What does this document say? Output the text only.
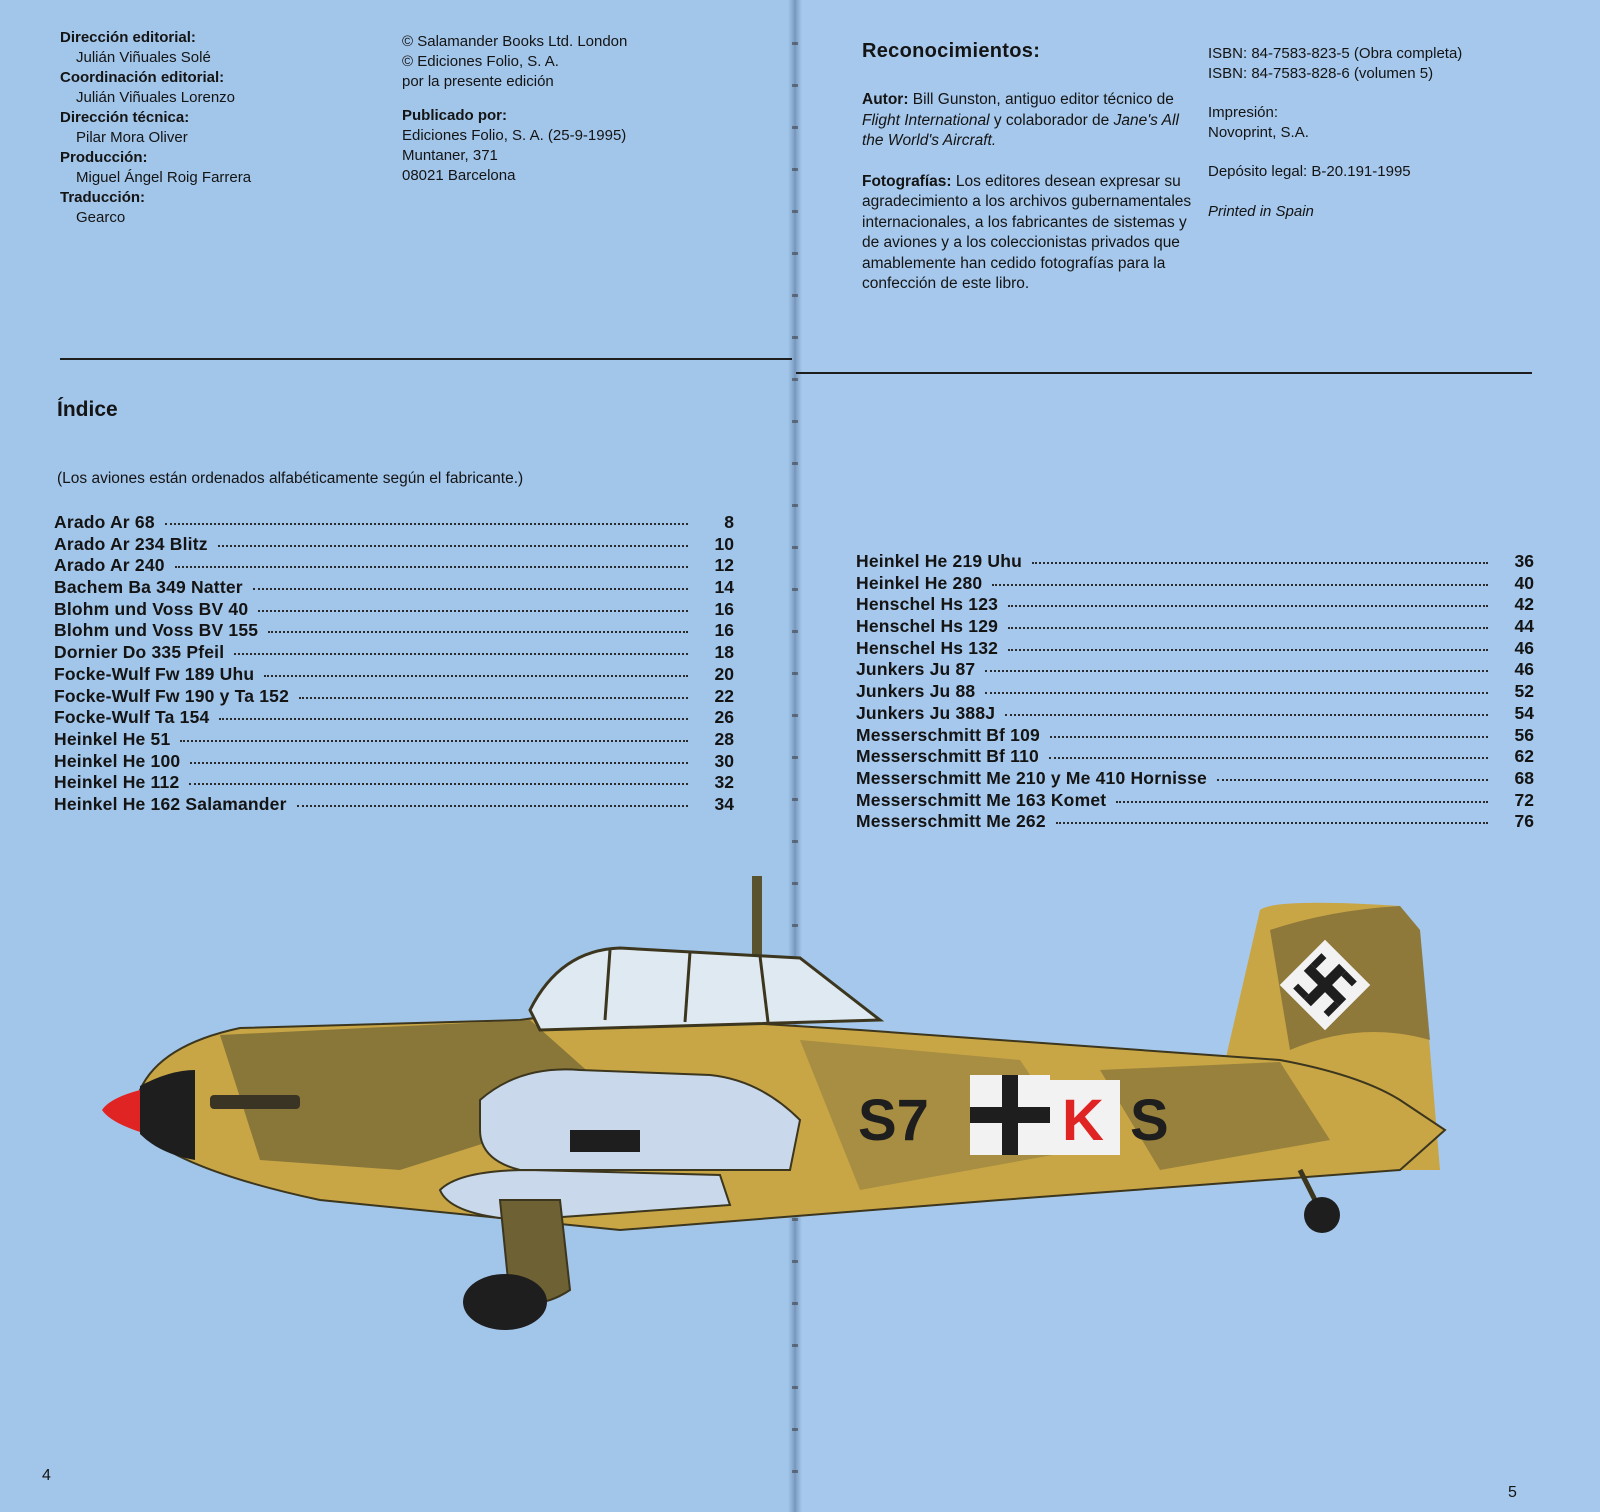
Dirección editorial:
Julián Viñuales Solé
Coordinación editorial:
Julián Viñuales Lorenzo
Dirección técnica:
Pilar Mora Oliver
Producción:
Miguel Ángel Roig Farrera
Traducción:
Gearco
© Salamander Books Ltd. London
© Ediciones Folio, S. A.
por la presente edición
Publicado por:
Ediciones Folio, S. A. (25-9-1995)
Muntaner, 371
08021 Barcelona
Reconocimientos:
Autor: Bill Gunston, antiguo editor técnico de Flight International y colaborador de Jane's All the World's Aircraft.
Fotografías: Los editores desean expresar su agradecimiento a los archivos gubernamentales internacionales, a los fabricantes de sistemas y de aviones y a los coleccionistas privados que amablemente han cedido fotografías para la confección de este libro.
ISBN: 84-7583-823-5 (Obra completa)
ISBN: 84-7583-828-6 (volumen 5)
Impresión:
Novoprint, S.A.
Depósito legal: B-20.191-1995
Printed in Spain
Índice
(Los aviones están ordenados alfabéticamente según el fabricante.)
Arado Ar 68	8
Arado Ar 234 Blitz	10
Arado Ar 240	12
Bachem Ba 349 Natter	14
Blohm und Voss BV 40	16
Blohm und Voss BV 155	16
Dornier Do 335 Pfeil	18
Focke-Wulf Fw 189 Uhu	20
Focke-Wulf Fw 190 y Ta 152	22
Focke-Wulf Ta 154	26
Heinkel He 51	28
Heinkel He 100	30
Heinkel He 112	32
Heinkel He 162 Salamander	34
Heinkel He 219 Uhu	36
Heinkel He 280	40
Henschel Hs 123	42
Henschel Hs 129	44
Henschel Hs 132	46
Junkers Ju 87	46
Junkers Ju 88	52
Junkers Ju 388J	54
Messerschmitt Bf 109	56
Messerschmitt Bf 110	62
Messerschmitt Me 210 y Me 410 Hornisse	68
Messerschmitt Me 163 Komet	72
Messerschmitt Me 262	76
S7 K S
4
5
